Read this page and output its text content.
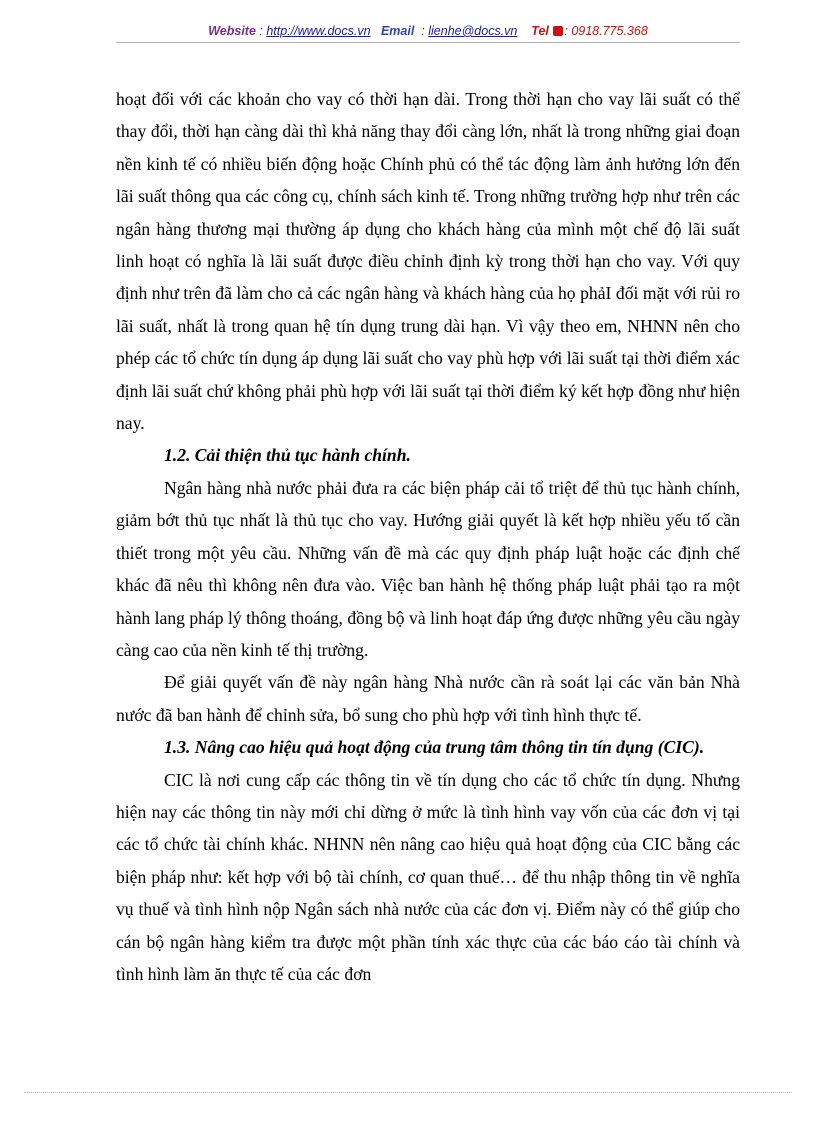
Website : http://www.docs.vn Email  : lienhe@docs.vn Tel : 0918.775.368

hoạt đối với các khoản cho vay có thời hạn dài. Trong thời hạn cho vay lãi suất có thể thay đổi, thời hạn càng dài thì khả năng thay đổi càng lớn, nhất là trong những giai đoạn nền kinh tế có nhiều biến động hoặc Chính phủ có thể tác động làm ảnh hưởng lớn đến lãi suất thông qua các công cụ, chính sách kinh tế. Trong những trường hợp như trên các ngân hàng thương mại thường áp dụng cho khách hàng của mình một chế độ lãi suất linh hoạt có nghĩa là lãi suất được điều chỉnh định kỳ trong thời hạn cho vay. Với quy định như trên đã làm cho cả các ngân hàng và khách hàng của họ phảI đối mặt với rủi ro lãi suất, nhất là trong quan hệ tín dụng trung dài hạn. Vì vậy theo em, NHNN nên cho phép các tổ chức tín dụng áp dụng lãi suất cho vay phù hợp với lãi suất tại thời điểm xác định lãi suất chứ không phải phù hợp với lãi suất tại thời điểm ký kết hợp đồng như hiện nay.

1.2. Cải thiện thủ tục hành chính.

Ngân hàng nhà nước phải đưa ra các biện pháp cải tổ triệt để thủ tục hành chính, giảm bớt thủ tục nhất là thủ tục cho vay. Hướng giải quyết là kết hợp nhiều yếu tố cần thiết trong một yêu cầu. Những vấn đề mà các quy định pháp luật hoặc các định chế khác đã nêu thì không nên đưa vào. Việc ban hành hệ thống pháp luật phải tạo ra một hành lang pháp lý thông thoáng, đồng bộ và linh hoạt đáp ứng được những yêu cầu ngày càng cao của nền kinh tế thị trường.

Để giải quyết vấn đề này ngân hàng Nhà nước cần rà soát lại các văn bản Nhà nước đã ban hành để chỉnh sửa, bổ sung cho phù hợp với tình hình thực tế.

1.3. Nâng cao hiệu quả hoạt động của trung tâm thông tin tín dụng (CIC).

CIC là nơi cung cấp các thông tin về tín dụng cho các tổ chức tín dụng. Nhưng hiện nay các thông tin này mới chỉ dừng ở mức là tình hình vay vốn của các đơn vị tại các tổ chức tài chính khác. NHNN nên nâng cao hiệu quả hoạt động của CIC bằng các biện pháp như: kết hợp với bộ tài chính, cơ quan thuế… để thu nhập thông tin về nghĩa vụ thuế và tình hình nộp Ngân sách nhà nước của các đơn vị. Điểm này có thể giúp cho cán bộ ngân hàng kiểm tra được một phần tính xác thực của các báo cáo tài chính và tình hình làm ăn thực tế của các đơn
